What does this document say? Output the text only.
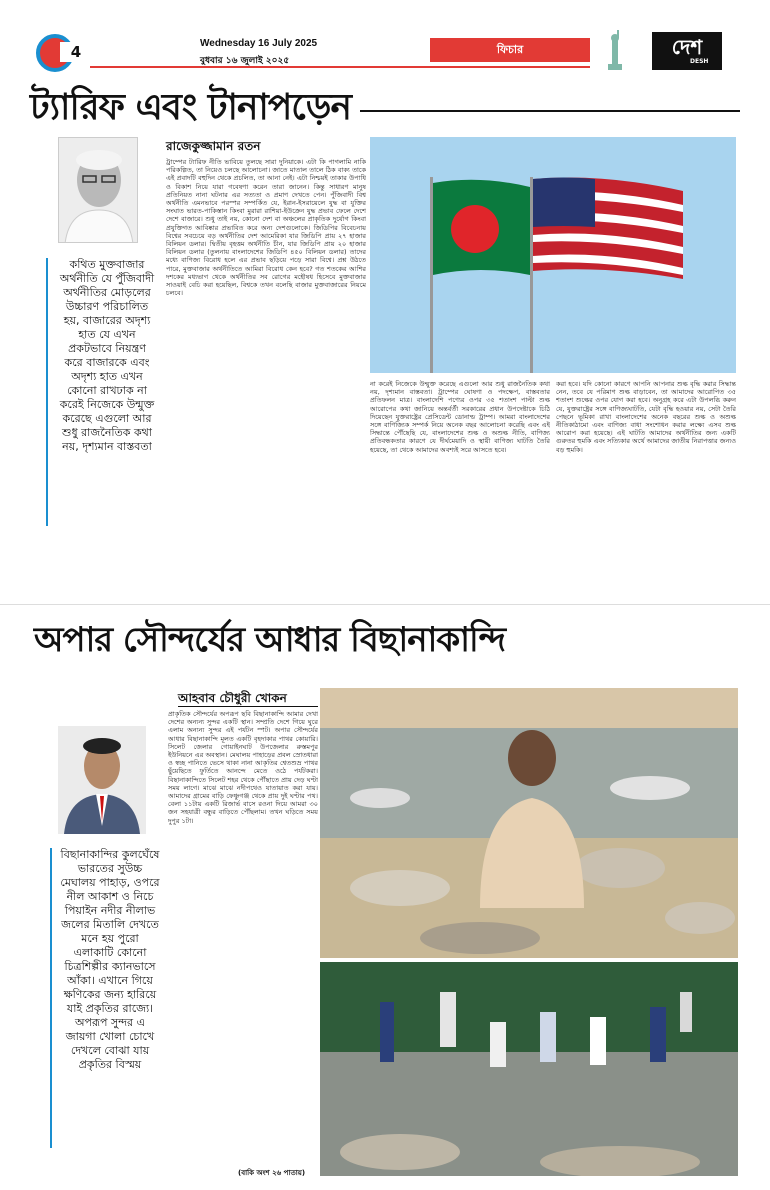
4	Wednesday 16 July 2025
বুধবার ১৬ জুলাই ২০২৫
ফিচার	দেশ
DESH
ট্যারিফ এবং টানাপড়েন
রাজেকুজ্জামান রতন
কথিত মুক্তবাজার অর্থনীতি যে পুঁজিবাদী অর্থনীতির মোড়লের উচ্চারণ পরিচালিত হয়, বাজারের অদৃশ্য হাত যে এখন প্রকটভাবে নিয়ন্ত্রণ করে বাজারকে এবং অদৃশ্য হাত এখন কোনো রাখঢাক না করেই নিজেকে উন্মুক্ত করেছে এগুলো আর শুধু রাজনৈতিক কথা নয়, দৃশ্যমান বাস্তবতা
ট্রাম্পের ট্যারিফ নীতি ভাবিয়ে তুলছে সারা দুনিয়াকে। এটা কি পাগলামি নাকি পরিকল্পিত, তা নিয়েও চলছে আলোচনা। জাতে মাতাল তালে ঠিক বাক্য তাকে এই প্রবাদটি বহুদিন থেকে প্রচলিত, তা আনা নেই। এটা নিশ্চয়ই তাকার উপাধি ও বিকাশ নিয়ে যারা গবেষণা করেন তারা জানেন। কিন্তু সাধারণ মানুষ প্রতিনিয়ত নানা ঘটনার এর সত্যতা ও প্রমাণ দেখতে পেন। পুঁজিবাদী বিশ্ব অর্থনীতি এমনভাবে পরস্পর সম্পর্কিত যে, ইরান-ইসরায়েলে যুদ্ধ বা যুক্তির সংঘাত ভারত-পাকিস্তান কিংবা মুরারা রাশিয়া-ইউক্রেন যুদ্ধ প্রভাব ফেলে দেশে দেশে বাজারে। শুধু তাই নয়, কোনো দেশ বা অঞ্চলের প্রাকৃতিক দুর্যোগ কিংবা প্রযুক্তিগত আবিষ্কার প্রভাবিত করে অন্য দেশগুলোকে। জিডিপির বিবেচনায় বিশ্বের সবচেয়ে বড় অর্থনীতির দেশ আমেরিকা যার জিডিপি প্রায় ২৭ হাজার বিলিয়ন ডলার। দ্বিতীয় বৃহত্তম অর্থনীতি চীন, যার জিডিপি প্রায় ২০ হাজার বিলিয়ন ডলার (তুলনায় বাংলাদেশের জিডিপি ৪৫০ বিলিয়ন ডলার) তাদের মধ্যে বাণিজ্য বিরোধ হলে এর প্রভাব ছড়িয়ে পড়ে সারা বিশ্বে। প্রশ্ন উঠতে পারে, মুক্তবাজার অর্থনীতিতে আমিরা বিরোধ কেন হবে? গত শতকের আশির দশকের মধ্যভাগ থেকে অর্থনীতির সব রোগের মহৌষধ হিসেবে মুক্তবাজার সাওয়াই বেচি করা হয়েছিল, বিশ্বকে তখন বলেছি বাজার মুক্তবাজারের নিয়মে চলবে।
না করেই নিজেকে উন্মুক্ত করেছে এগুলো আর শুধু রাজনৈতিক কথা নয়, দৃশ্যমান বাস্তবতা। ট্রাম্পের ঘোষণা ও পদক্ষেপ, বাস্তবতার প্রতিফলন মাত্র। বাংলাদেশি পণ্যের ওপর ৩৫ শতাংশ পাল্টা শুল্ক আরোপের কথা জানিয়ে অন্তর্বর্তী সরকারের প্রধান উপদেষ্টাকে চিঠি দিয়েছেন যুক্তরাষ্ট্রের প্রেসিডেন্ট ডোনাল্ড ট্রাম্প। আমরা বাংলাদেশের সঙ্গে বাণিজ্যিক সম্পর্ক নিয়ে অনেক বছর আলোচনা করেছি এবং এই সিদ্ধান্তে পৌঁছেছি যে, বাংলাদেশের শুল্ক ও অশুল্ক নীতি, বাণিজ্য প্রতিবন্ধকতার কারণে যে দীর্ঘমেয়াদি ও স্থায়ী বাণিজ্য ঘাটতি তৈরি হয়েছে, তা থেকে আমাদের অবশ্যই সরে আসতে হবে।
করা হবে। যদি কোনো কারণে আপনি আপনার শুল্ক বৃদ্ধি করার সিদ্ধান্ত নেন, তবে যে পরিমাণ শুল্ক বাড়াবেন, তা আমাদের আরোপিত ৩৫ শতাংশ শুল্কের ওপর যোগ করা হবে। অনুগ্রহ করে এটা উপলব্ধি করুন যে, যুক্তরাষ্ট্রের সঙ্গে বাণিজ্যঘাটতি, যেটা বৃদ্ধি হওয়ার নয়, সেটা তৈরি পেছনে ভূমিকা রাখা বাংলাদেশের অনেক বছরের শুল্ক ও অশুল্ক নীতিকাঠামো এবং বাণিজ্য বাধা সংশোধন করার লক্ষ্যে এসব শুল্ক আরোপ করা হয়েছে। এই ঘাটতি আমাদের অর্থনীতির জন্য একটি গুরুতর হুমকি এবং সত্যিকার অর্থে আমাদের জাতীয় নিরাপত্তার জন্যও বড় হুমকি।
অপার সৌন্দর্যের আধার বিছানাকান্দি
আহবাব চৌধুরী খোকন
বিছানাকান্দির কুলঘেঁষে ভারতের সুউচ্চ মেঘালয় পাহাড়, ওপরে নীল আকাশ ও নিচে পিয়াইন নদীর নীলাভ জলের মিতালি দেখতে মনে হয় পুরো এলাকাটি কোনো চিত্রশিল্পীর ক্যানভাসে আঁকা। এখানে গিয়ে ক্ষণিকের জন্য হারিয়ে যাই প্রকৃতির রাজ্যে। অপরূপ সুন্দর এ জায়গা খোলা চোখে দেখলে বোঝা যায় প্রকৃতির বিস্ময়
প্রাকৃতিক সৌন্দর্যের অপরূপ ছবি বিছানাকান্দি আমার দেখা দেশের অন্যন্য সুন্দর একটি স্থান। সম্প্রতি দেশে গিয়ে ঘুরে এলাম অন্যন্য সুন্দর এই পর্যটন স্পট। অপার সৌন্দর্যের আধার বিছানাকান্দি মূলত একটি বৃহদাকার পাথর কোয়ারি। সিলেট জেলার গোয়াইনঘাট উপজেলার রুস্তমপুর ইউনিয়নে এর অবস্থান। মেঘালয় পাহাড়ের প্রবল স্রোতধারা ও স্বচ্ছ পানিতে ভেসে থাকা নানা আকৃতির শ্বেতশুভ্র পাথর ছুঁয়েছিতে ফুর্তিতে আনন্দে মেতে ওঠে পর্যটকরা। বিছানাকান্দিতে সিলেট শহর থেকে পৌঁছাতে প্রায় দেড় ঘণ্টা সময় লাগে। মাঝে মাঝে নদীপথেও যাতায়াত করা যায়। আমাদের গ্রামের বাড়ি ফেঞ্চুগঞ্জ থেকে প্রায় দুই ঘণ্টার পথ। বেলা ১১টায় একটি রিজার্ভ বাসে রওনা দিয়ে আমরা ৩০ জন সহযাত্রী বন্ধুর বাড়িতে পৌঁছলাম। তখন ঘড়িতে সময় দুপুর ১টা।
(বাকি অংশ ২৬ পাতায়)
